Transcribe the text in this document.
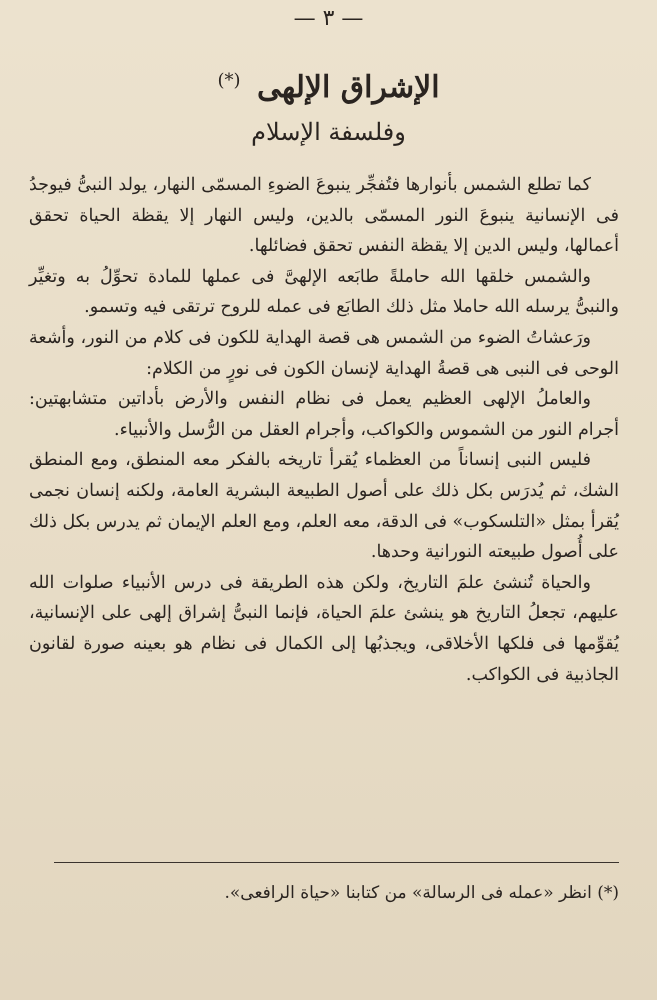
— ٣ —
الإشراق الإلهى (*)
وفلسفة الإسلام

كما تطلع الشمس بأنوارها فتُفجِّر ينبوعَ الضوءِ المسمّى النهار، يولد النبىُّ فيوجدُ فى الإنسانية ينبوعَ النور المسمّى بالدين، وليس النهار إلا يقظة الحياة تحقق أعمالها، وليس الدين إلا يقظة النفس تحقق فضائلها.

والشمس خلقها الله حاملةً طابَعه الإلهىَّ فى عملها للمادة تحوِّلُ به وتغيِّر والنبىُّ يرسله الله حاملا مثل ذلك الطابَع فى عمله للروح ترتقى فيه وتسمو.

ورَعشاتُ الضوء من الشمس هى قصة الهداية للكون فى كلام من النور، وأشعة الوحى فى النبى هى قصةُ الهداية لإنسان الكون فى نورٍ من الكلام:

والعاملُ الإلهى العظيم يعمل فى نظام النفس والأرض بأداتين متشابهتين: أجرام النور من الشموس والكواكب، وأجرام العقل من الرُّسل والأنبياء.

فليس النبى إنساناً من العظماء يُقرأ تاريخه بالفكر معه المنطق، ومع المنطق الشك، ثم يُدرَس بكل ذلك على أصول الطبيعة البشرية العامة، ولكنه إنسان نجمى يُقرأ بمثل «التلسكوب» فى الدقة، معه العلم، ومع العلم الإيمان ثم يدرس بكل ذلك على أُصول طبيعته النورانية وحدها.

والحياة تُنشئ علمَ التاريخ، ولكن هذه الطريقة فى درس الأنبياء صلوات الله عليهم، تجعلُ التاريخ هو ينشئ علمَ الحياة، فإنما النبىُّ إشراق إلهى على الإنسانية، يُقوِّمها فى فلكها الأخلاقى، ويجذبُها إلى الكمال فى نظام هو بعينه صورة لقانون الجاذبية فى الكواكب.

(*) انظر «عمله فى الرسالة» من كتابنا «حياة الرافعى».
